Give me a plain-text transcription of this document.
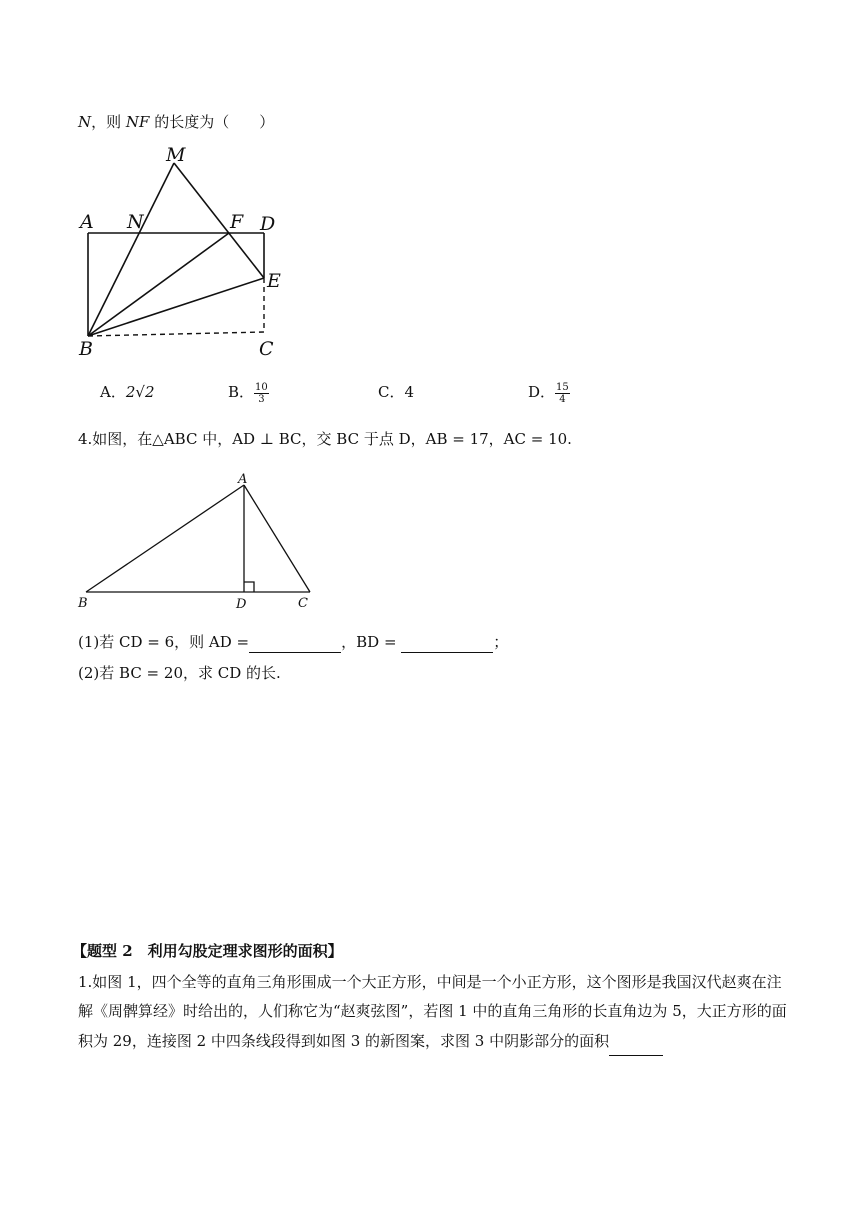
N，则 NF 的长度为（　　）
M
A N	F D
E
B	C
A．2√2	B． $\frac{10}{3}$	C．4	D． $\frac{15}{4}$
4.如图，在△ABC 中，AD ⊥ BC，交 BC 于点 D，AB = 17，AC = 10.
A
B	D	C
(1)若 CD = 6，则 AD =	，BD =	；
(2)若 BC = 20，求 CD 的长.
【题型 2　利用勾股定理求图形的面积】
1.如图 1，四个全等的直角三角形围成一个大正方形，中间是一个小正方形，这个图形是我国汉代赵爽在注解《周髀算经》时给出的，人们称它为“赵爽弦图”，若图 1 中的直角三角形的长直角边为 5，大正方形的面积为 29，连接图 2 中四条线段得到如图 3 的新图案，求图 3 中阴影部分的面积
